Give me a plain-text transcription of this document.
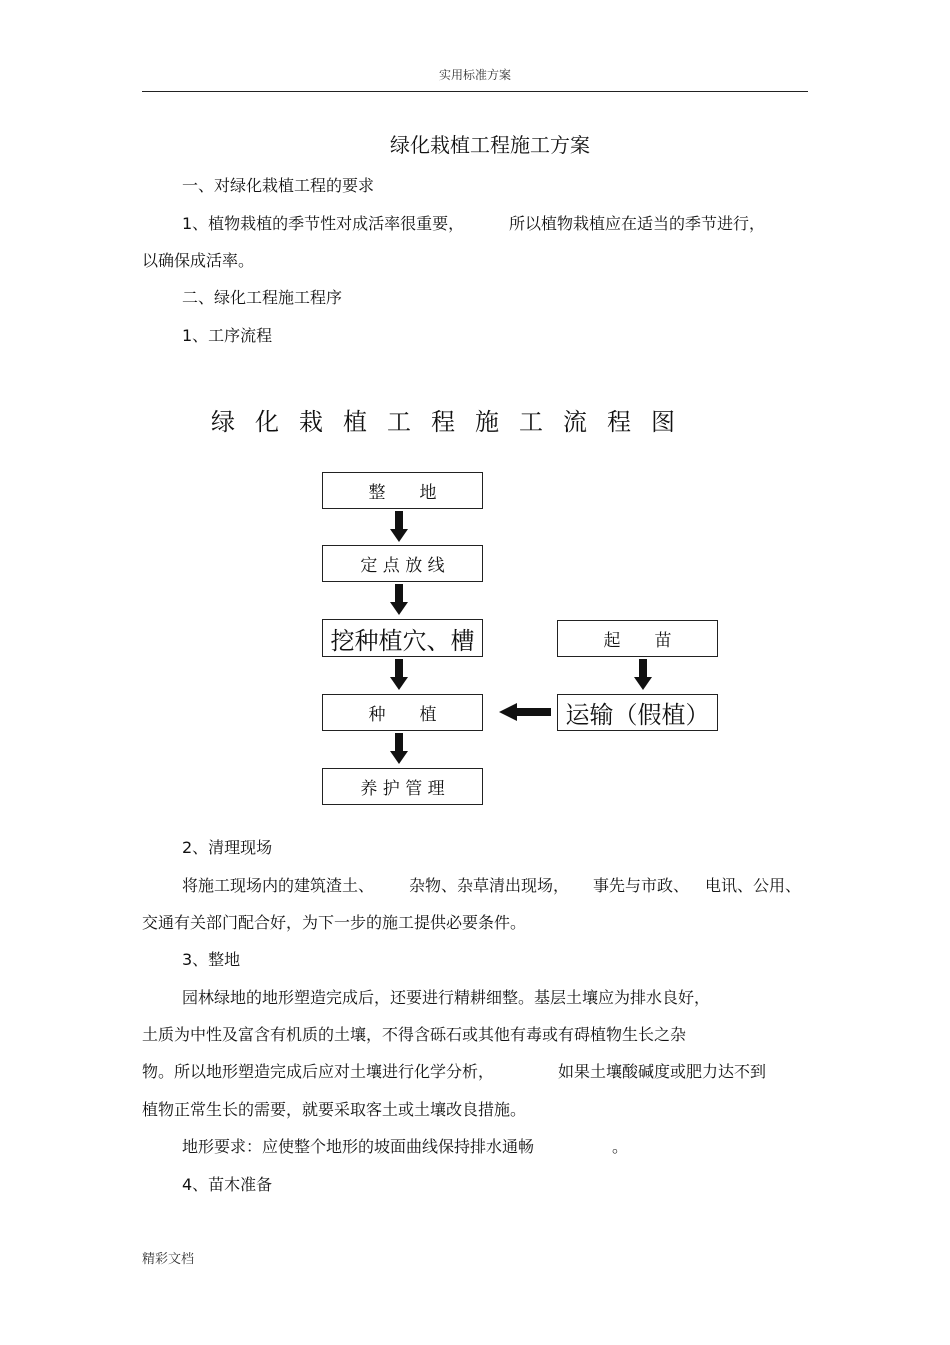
实用标准方案
绿化栽植工程施工方案
一、对绿化栽植工程的要求
1、植物栽植的季节性对成活率很重要，	所以植物栽植应在适当的季节进行，
以确保成活率。
二、绿化工程施工程序
1、工序流程
绿化栽植工程施工流程图
整　　地
定 点 放 线
挖种植穴、槽
种　　植
养 护 管 理
起　　苗
运输（假植）
2、清理现场
将施工现场内的建筑渣土、 杂物、杂草清出现场， 事先与市政、 电讯、公用、
交通有关部门配合好，为下一步的施工提供必要条件。
3、整地
园林绿地的地形塑造完成后，还要进行精耕细整。基层土壤应为排水良好，
土质为中性及富含有机质的土壤，不得含砾石或其他有毒或有碍植物生长之杂
物。所以地形塑造完成后应对土壤进行化学分析，	如果土壤酸碱度或肥力达不到
植物正常生长的需要，就要采取客土或土壤改良措施。
地形要求：应使整个地形的坡面曲线保持排水通畅	。
4、苗木准备
精彩文档
